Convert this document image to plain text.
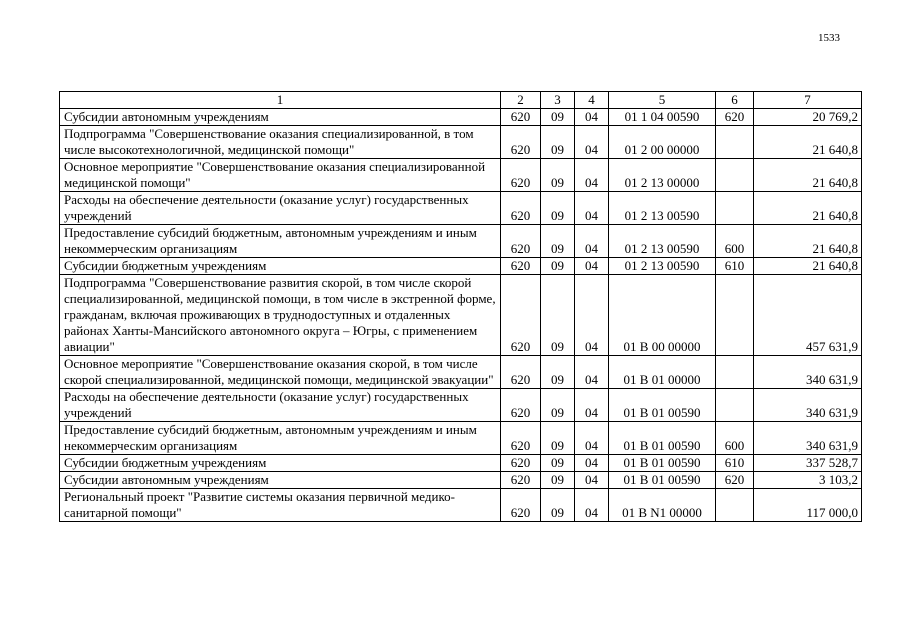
1533
1	2	3	4	5	6	7
Субсидии автономным учреждениям	620	09	04	01 1 04 00590	620	20 769,2
Подпрограмма "Совершенствование оказания специализированной, в том числе высокотехнологичной, медицинской помощи"	620	09	04	01 2 00 00000		21 640,8
Основное мероприятие "Совершенствование оказания специализированной медицинской помощи"	620	09	04	01 2 13 00000		21 640,8
Расходы на обеспечение деятельности (оказание услуг) государственных учреждений	620	09	04	01 2 13 00590		21 640,8
Предоставление субсидий бюджетным, автономным учреждениям и иным некоммерческим организациям	620	09	04	01 2 13 00590	600	21 640,8
Субсидии бюджетным учреждениям	620	09	04	01 2 13 00590	610	21 640,8
Подпрограмма "Совершенствование развития скорой, в том числе скорой специализированной, медицинской помощи, в том числе в экстренной форме, гражданам, включая проживающих в труднодоступных и отдаленных районах Ханты-Мансийского автономного округа – Югры, с применением авиации"	620	09	04	01 В 00 00000		457 631,9
Основное мероприятие "Совершенствование оказания скорой, в том числе скорой специализированной, медицинской помощи, медицинской эвакуации"	620	09	04	01 В 01 00000		340 631,9
Расходы на обеспечение деятельности (оказание услуг) государственных учреждений	620	09	04	01 В 01 00590		340 631,9
Предоставление субсидий бюджетным, автономным учреждениям и иным некоммерческим организациям	620	09	04	01 В 01 00590	600	340 631,9
Субсидии бюджетным учреждениям	620	09	04	01 В 01 00590	610	337 528,7
Субсидии автономным учреждениям	620	09	04	01 В 01 00590	620	3 103,2
Региональный проект "Развитие системы оказания первичной медико-санитарной помощи"	620	09	04	01 В N1 00000		117 000,0
